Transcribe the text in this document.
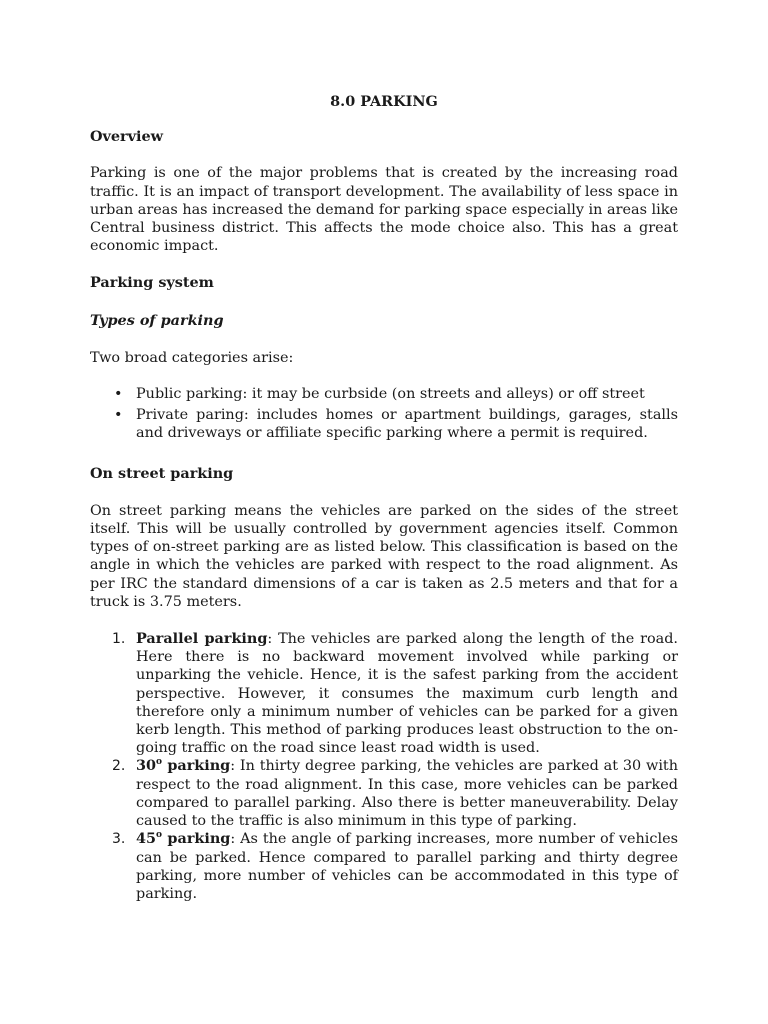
8.0 PARKING
Overview

Parking is one of the major problems that is created by the increasing road traffic. It is an impact of transport development. The availability of less space in urban areas has increased the demand for parking space especially in areas like Central business district. This affects the mode choice also. This has a great economic impact.

Parking system
Types of parking

Two broad categories arise:

• Public parking: it may be curbside (on streets and alleys) or off street
• Private paring: includes homes or apartment buildings, garages, stalls and driveways or affiliate specific parking where a permit is required.
On street parking

On street parking means the vehicles are parked on the sides of the street itself. This will be usually controlled by government agencies itself. Common types of on-street parking are as listed below. This classification is based on the angle in which the vehicles are parked with respect to the road alignment. As per IRC the standard dimensions of a car is taken as 2.5 meters and that for a truck is 3.75 meters.

1. Parallel parking: The vehicles are parked along the length of the road. Here there is no backward movement involved while parking or unparking the vehicle. Hence, it is the safest parking from the accident perspective. However, it consumes the maximum curb length and therefore only a minimum number of vehicles can be parked for a given kerb length. This method of parking produces least obstruction to the on-going traffic on the road since least road width is used.
2. 30$^o$ parking: In thirty degree parking, the vehicles are parked at 30 with respect to the road alignment. In this case, more vehicles can be parked compared to parallel parking. Also there is better maneuverability. Delay caused to the traffic is also minimum in this type of parking.
3. 45$^o$ parking: As the angle of parking increases, more number of vehicles can be parked. Hence compared to parallel parking and thirty degree parking, more number of vehicles can be accommodated in this type of parking.
